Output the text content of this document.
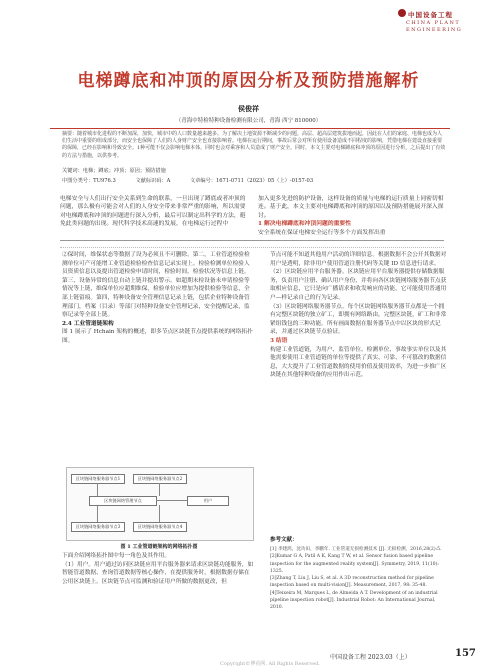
中国设备工程
CHINA PLANT ENGINEERING
电梯蹲底和冲顶的原因分析及预防措施解析
侯俊祥
（青海中特检特种设备检测有限公司，青海 西宁 810000）
摘要：随着城市化进程的不断加深，加快，城市中的人口数量越来越多。为了解决土地资源不断减少的问题，高层、超高层建筑拔地而起，因此在人们的家庭、电梯也成为人们生活中重要的组成部分，而安全也保障了人们的人身财产安全也直接影响着。电梯在运行期间，事故后常会对所有使用设备造成不同程度的影响，凭借电梯在建设直接重要的保障，已经在影响和导致安全。1种可能不仅会影响电梯本体，同时也会对乘客和人员造成了财产安全。同时，本文主要对电梯蹲底和冲顶的原因进行分析，之后提出了有效的方法与措施，以供参考。
关键词：电梯；蹲底；冲顶；原因；预防措施
中图分类号：TU976.3	文献标识码：A	文章编号：1671-0711（2023）05（上）-0157-03
电梯安全与人们出行安全关系到生命的联系，一旦出现了蹲底或者冲顶的问题，那么极有可能会对人们的人身安全带来非常严重的影响，所以需要对电梯蹲底和冲顶的问题进行深入分析，最后可以制定出科学的方法，避免此类问题的出现。现代科学技术高速的发展，在电梯运行过程中
加入更多先进的防护设备，这样设备的质量与电梯的运行质量上同密切相连。基于此，本文主要对电梯蹲底和冲顶的原因以及预防措施展开深入探讨。
1 解决电梯蹲底和冲顶问题的重要性
安全系统在保证电梯安全运行等多个方面发挥出重
②保时间，维保状态等数据了设为必须且不可删除。第二，工业管道检验检测单位可产可能增工业管道检验检查信息记录实现上。检验检测单位检验人员资质信息以及提出管道检验申请时间，检验时间，检验状况等信息上链。第三，设备异常的信息自动上链并提出警示。如超期未检设备未申请检验等情况等上链，维保单位应超期维保，检验单位应增加为提供检验等信息，全部上链留痕。第四，特种设备安全管理信息记录上链，包括企业特种设备管理部门，档案（目录）等部门对特种设备安全管理记录，安全提醒记录，监察记录等全部上链。
2.4 工业管道链架构
图 1 展示了 Hchain 架构的概述，即多节点区块链节点提供系统的网络拓扑图。
区块链网络服务器节点1	区块链网络服务器节点2
区块链网络管理节点	用户
区块链网络服务器节点3	区块链网络服务器节点4
图 1 工业管道链架构的网络拓扑图
下面介绍网络拓扑图中每一角色及其作用。
（1）用户。用户通过访问区块链应用平台服务器来请求区块链功能服务，如智能管道数据、查询管道数据等核心操作，在提供服务时，根据数据存储在公用区块链上。区块链节点可监测和验证用户所做的数据更改，但
节点可能不知道其他用户活动的详细信息。根据数据不会公开其数据对用户是透明，除非用户使用管道注册代码等关键 ID 信息进行请求。
（2）区块链应用平台服务器。区块链应用平台服务器提供存储数据服务，负责用户注册、确认用户身份，并将向各区块链网络服务器节点获取相应信息，它只是向广播请求和收发响应的功能，它可能使用普通用户—样记录自己的行为记录。
（3）区块链网络服务器节点。每个区块链网络服务器节点都是一个拥有完整区块链的独立矿工，即拥有网络路由，完整区块链，矿工和非常紧组钱包的三种功能。所有画面数据在服务器节点中以区块的形式记录，并通过区块链节点验证。
3 结语
构建工业管道链，为用户、监管单位、检测单位、事故事实单位以及其他需要使用工业管道链的单位等提供了真实、可靠、不可篡改的数据信息，大大提升了工业管道数据的使用价值及使用效率，为进一步推广区块链在其他特种设备的应用作出示范。
参考文献：
[1] 李建鸿，沈功田，李鹏年. 工业管道无损检测技术 [J]. 无损检测，2016,28(2):5.
[2]Kumar G A, Patil A K, Kang T W, et al. Sensor fusion based pipeline inspection for the augmented reality system[J]. Symmetry, 2019, 11(10): 1325.
[3]Zhang T, Liu J, Liu S, et al. A 3D reconstruction method for pipeline inspection based on multi-vision[J]. Measurement, 2017, 98: 35-48.
[4]Teixeira M, Marques L, de Almeida A T. Development of an industrial pipeline inspection robot[J]. Industrial Robot: An International Journal, 2010.
中国设备工程 2023.03（上）	157
Copyright©博看网. All Rights Reserved.
